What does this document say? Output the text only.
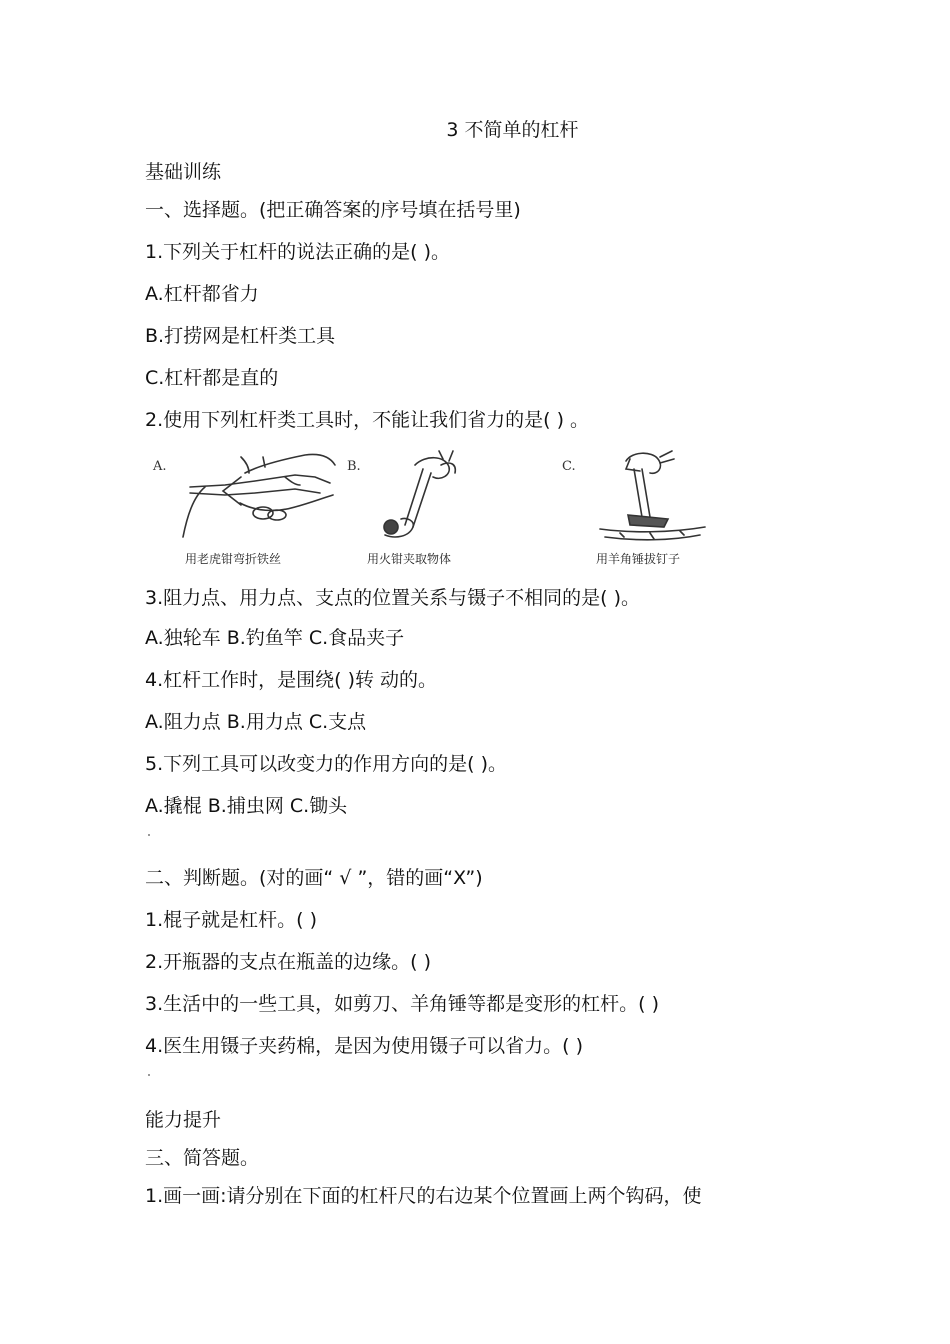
3 不简单的杠杆
基础训练
一、选择题。(把正确答案的序号填在括号里)
1.下列关于杠杆的说法正确的是( )。
A.杠杆都省力
B.打捞网是杠杆类工具
C.杠杆都是直的
2.使用下列杠杆类工具时，不能让我们省力的是( ) 。
A.
用老虎钳弯折铁丝
B.
用火钳夹取物体
C.
用羊角锤拔钉子
3.阻力点、用力点、支点的位置关系与镊子不相同的是( )。
A.独轮车 B.钓鱼竿 C.食品夹子
4.杠杆工作时，是围绕( )转 动的。
A.阻力点 B.用力点 C.支点
5.下列工具可以改变力的作用方向的是( )。
A.撬棍 B.捕虫网 C.锄头
二、判断题。(对的画“ √ ”，错的画“X”)
1.棍子就是杠杆。( )
2.开瓶器的支点在瓶盖的边缘。( )
3.生活中的一些工具，如剪刀、羊角锤等都是变形的杠杆。( )
4.医生用镊子夹药棉，是因为使用镊子可以省力。( )
能力提升
三、简答题。
1.画一画:请分别在下面的杠杆尺的右边某个位置画上两个钩码，使
